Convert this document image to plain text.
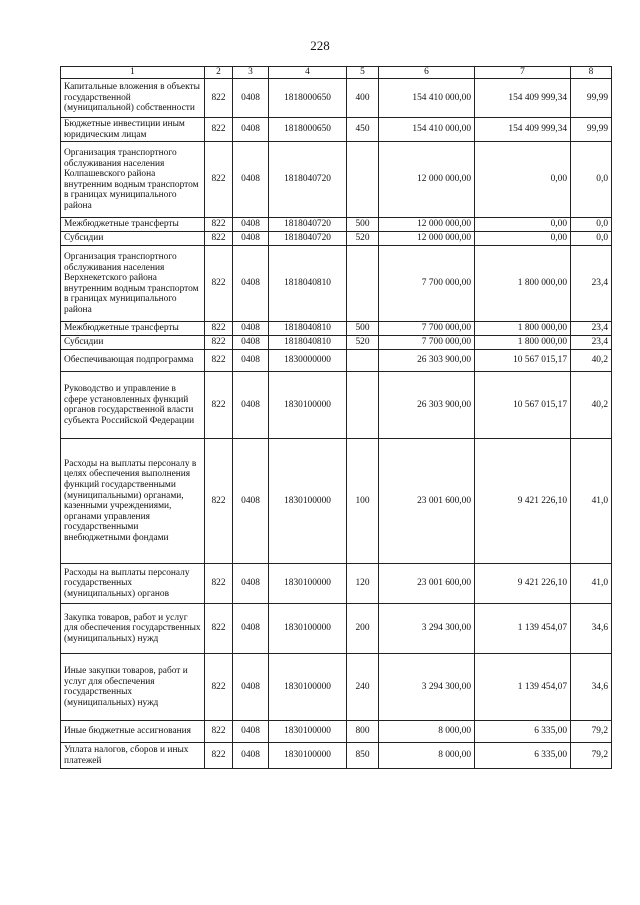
228
1	2	3	4	5	6	7	8
Капитальные вложения в объекты государственной (муниципальной) собственности	822	0408	1818000650	400	154 410 000,00	154 409 999,34	99,99
Бюджетные инвестиции иным юридическим лицам	822	0408	1818000650	450	154 410 000,00	154 409 999,34	99,99
Организация транспортного обслуживания населения Колпашевского района внутренним водным транспортом в границах муниципального района	822	0408	1818040720		12 000 000,00	0,00	0,0
Межбюджетные трансферты	822	0408	1818040720	500	12 000 000,00	0,00	0,0
Субсидии	822	0408	1818040720	520	12 000 000,00	0,00	0,0
Организация транспортного обслуживания населения Верхнекетского района внутренним водным транспортом в границах муниципального района	822	0408	1818040810		7 700 000,00	1 800 000,00	23,4
Межбюджетные трансферты	822	0408	1818040810	500	7 700 000,00	1 800 000,00	23,4
Субсидии	822	0408	1818040810	520	7 700 000,00	1 800 000,00	23,4
Обеспечивающая подпрограмма	822	0408	1830000000		26 303 900,00	10 567 015,17	40,2
Руководство и управление в сфере установленных функций органов государственной власти субъекта Российской Федерации	822	0408	1830100000		26 303 900,00	10 567 015,17	40,2
Расходы на выплаты персоналу в целях обеспечения выполнения функций государственными (муниципальными) органами, казенными учреждениями, органами управления государственными внебюджетными фондами	822	0408	1830100000	100	23 001 600,00	9 421 226,10	41,0
Расходы на выплаты персоналу государственных (муниципальных) органов	822	0408	1830100000	120	23 001 600,00	9 421 226,10	41,0
Закупка товаров, работ и услуг для обеспечения государственных (муниципальных) нужд	822	0408	1830100000	200	3 294 300,00	1 139 454,07	34,6
Иные закупки товаров, работ и услуг для обеспечения государственных (муниципальных) нужд	822	0408	1830100000	240	3 294 300,00	1 139 454,07	34,6
Иные бюджетные ассигнования	822	0408	1830100000	800	8 000,00	6 335,00	79,2
Уплата налогов, сборов и иных платежей	822	0408	1830100000	850	8 000,00	6 335,00	79,2
